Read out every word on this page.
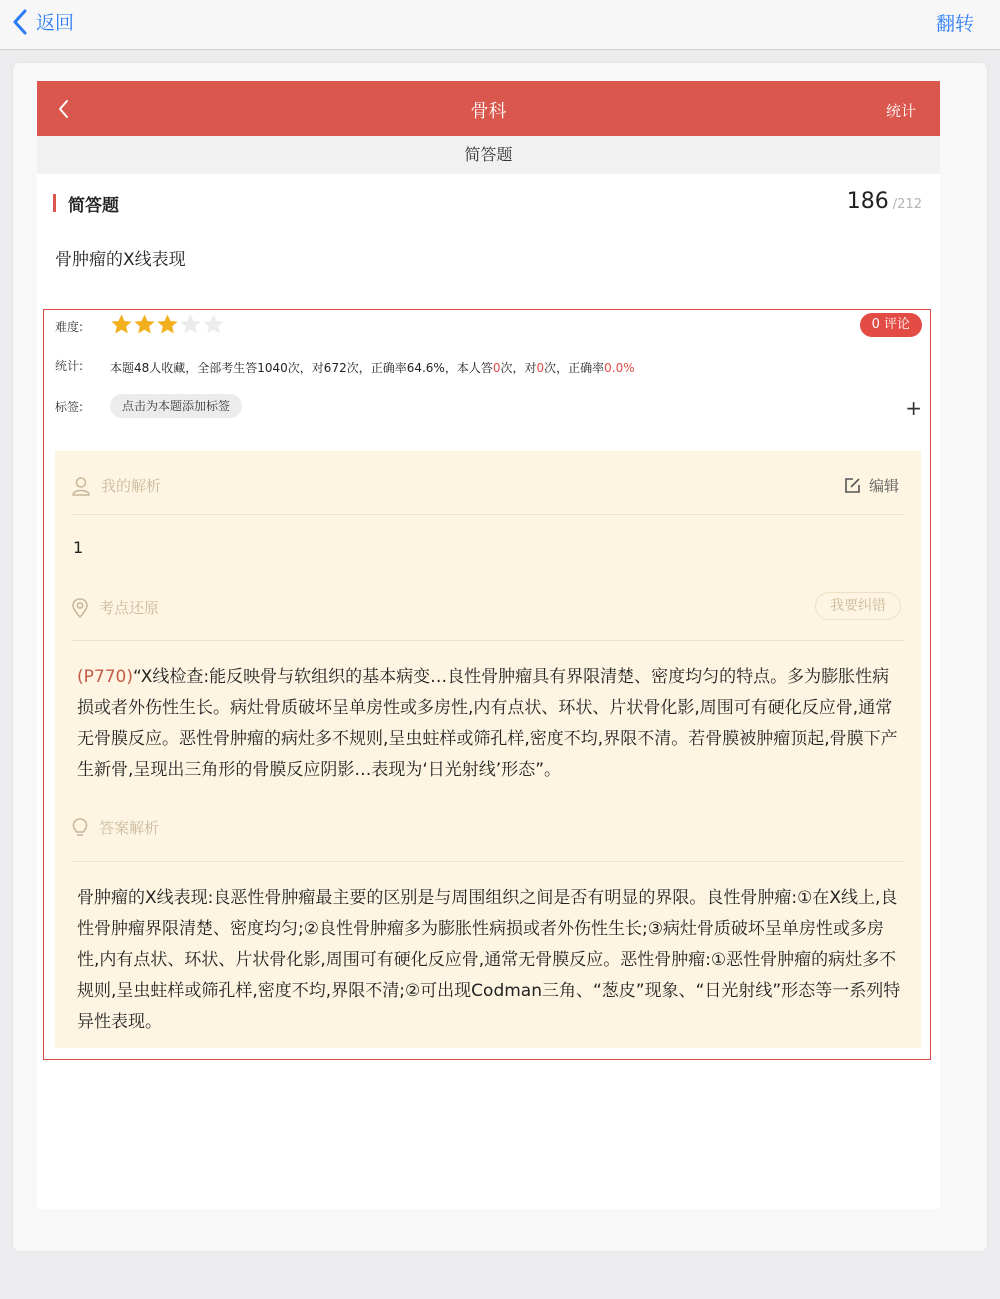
返回	翻转
骨科	统计
简答题
简答题	186 /212
骨肿瘤的X线表现
难度:	0 评论
统计: 本题48人收藏，全部考生答1040次，对672次，正确率64.6%，本人答0次，对0次，正确率0.0%
标签:	点击为本题添加标签	+
我的解析	编辑
1
考点还原	我要纠错
(P770)“X线检查:能反映骨与软组织的基本病变…良性骨肿瘤具有界限清楚、密度均匀的特点。多为膨胀性病损或者外伤性生长。病灶骨质破坏呈单房性或多房性,内有点状、环状、片状骨化影,周围可有硬化反应骨,通常无骨膜反应。恶性骨肿瘤的病灶多不规则,呈虫蛀样或筛孔样,密度不均,界限不清。若骨膜被肿瘤顶起,骨膜下产生新骨,呈现出三角形的骨膜反应阴影…表现为‘日光射线’形态”。
答案解析
骨肿瘤的X线表现:良恶性骨肿瘤最主要的区别是与周围组织之间是否有明显的界限。良性骨肿瘤:①在X线上,良性骨肿瘤界限清楚、密度均匀;②良性骨肿瘤多为膨胀性病损或者外伤性生长;③病灶骨质破坏呈单房性或多房性,内有点状、环状、片状骨化影,周围可有硬化反应骨,通常无骨膜反应。恶性骨肿瘤:①恶性骨肿瘤的病灶多不规则,呈虫蛀样或筛孔样,密度不均,界限不清;②可出现Codman三角、“葱皮”现象、“日光射线”形态等一系列特异性表现。
